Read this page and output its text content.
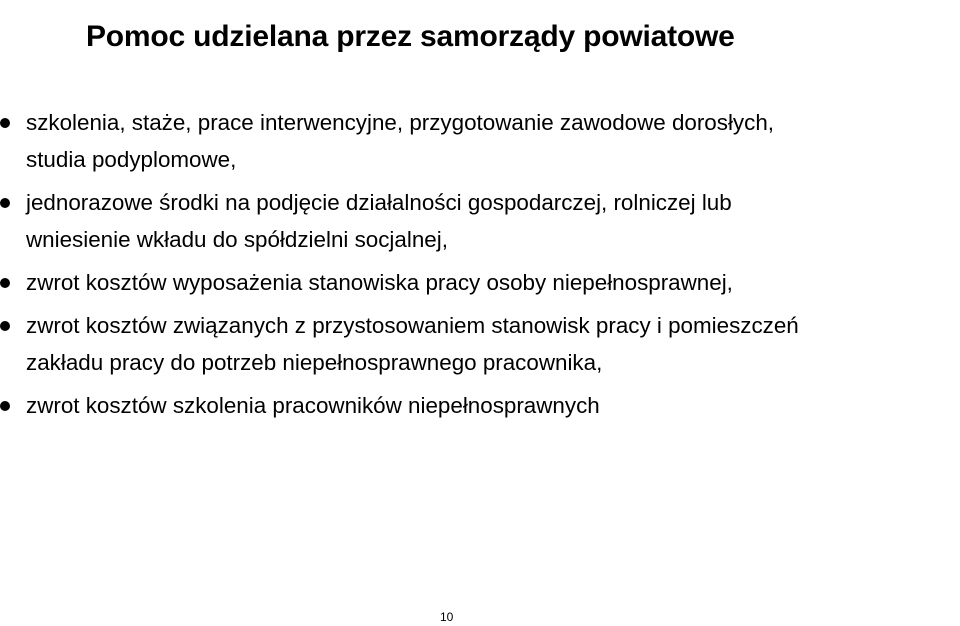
Pomoc udzielana przez samorządy powiatowe
szkolenia, staże, prace interwencyjne, przygotowanie zawodowe dorosłych,
studia podyplomowe,
jednorazowe środki na podjęcie działalności gospodarczej, rolniczej lub
wniesienie wkładu do spółdzielni socjalnej,
zwrot kosztów wyposażenia stanowiska pracy osoby niepełnosprawnej,
zwrot kosztów związanych z przystosowaniem stanowisk pracy i pomieszczeń
zakładu pracy do potrzeb niepełnosprawnego pracownika,
zwrot kosztów szkolenia pracowników niepełnosprawnych
10
